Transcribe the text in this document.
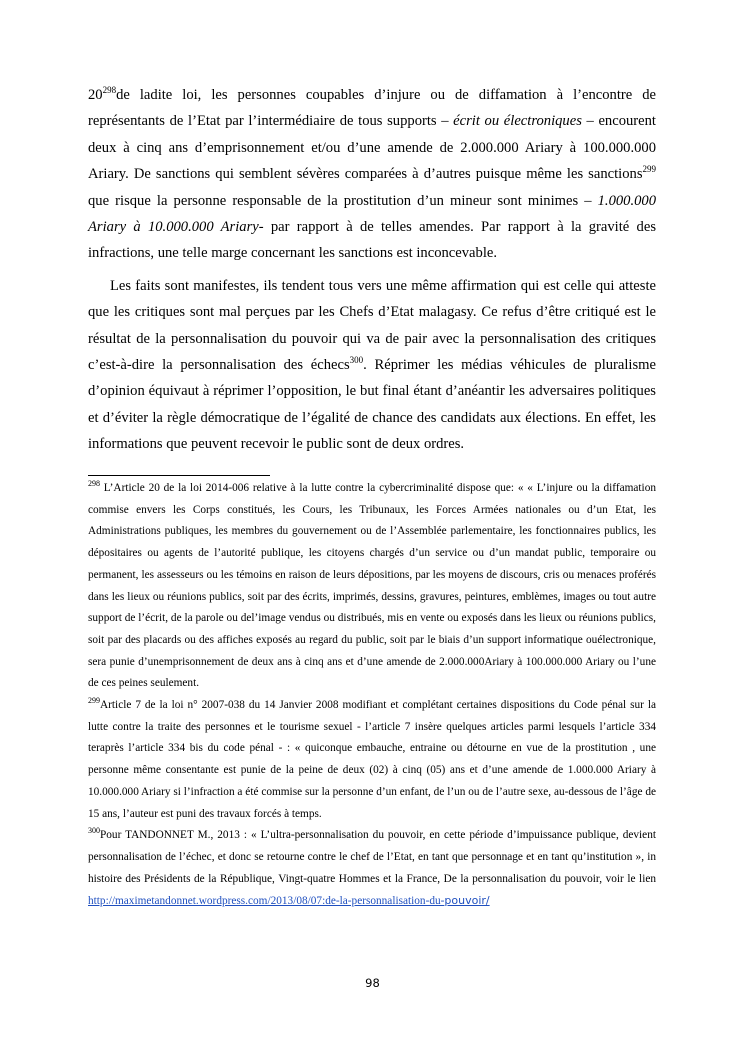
$20^{298}de$ ladite loi, les personnes coupables d’injure ou de diffamation à l’encontre de représentants de l’Etat par l’intermédiaire de tous supports – écrit ou électroniques – encourent deux à cinq ans d’emprisonnement et/ou d’une amende de 2.000.000 Ariary à 100.000.000 Ariary. De sanctions qui semblent sévères comparées à d’autres puisque même les sanctions$^{299}$ que risque la personne responsable de la prostitution d’un mineur sont minimes – 1.000.000 Ariary à 10.000.000 Ariary- par rapport à de telles amendes. Par rapport à la gravité des infractions, une telle marge concernant les sanctions est inconcevable.

Les faits sont manifestes, ils tendent tous vers une même affirmation qui est celle qui atteste que les critiques sont mal perçues par les Chefs d’Etat malagasy. Ce refus d’être critiqué est le résultat de la personnalisation du pouvoir qui va de pair avec la personnalisation des critiques c’est-à-dire la personnalisation des échecs$^{300}$. Réprimer les médias véhicules de pluralisme d’opinion équivaut à réprimer l’opposition, le but final étant d’anéantir les adversaires politiques et d’éviter la règle démocratique de l’égalité de chance des candidats aux élections. En effet, les informations que peuvent recevoir le public sont de deux ordres.

$^{298}$ L’Article 20 de la loi 2014-006 relative à la lutte contre la cybercriminalité dispose que: « « L’injure ou la diffamation commise envers les Corps constitués, les Cours, les Tribunaux, les Forces Armées nationales ou d’un Etat, les Administrations publiques, les membres du gouvernement ou de l’Assemblée parlementaire, les fonctionnaires publics, les dépositaires ou agents de l’autorité publique, les citoyens chargés d’un service ou d’un mandat public, temporaire ou permanent, les assesseurs ou les témoins en raison de leurs dépositions, par les moyens de discours, cris ou menaces proférés dans les lieux ou réunions publics, soit par des écrits, imprimés, dessins, gravures, peintures, emblèmes, images ou tout autre support de l’écrit, de la parole ou del’image vendus ou distribués, mis en vente ou exposés dans les lieux ou réunions publics, soit par des placards ou des affiches exposés au regard du public, soit par le biais d’un support informatique ouélectronique, sera punie d’unemprisonnement de deux ans à cinq ans et d’une amende de 2.000.000Ariary à 100.000.000 Ariary ou l’une de ces peines seulement.

$^{299}$Article 7 de la loi n° 2007-038 du 14 Janvier 2008 modifiant et complétant certaines dispositions du Code pénal sur la lutte contre la traite des personnes et le tourisme sexuel - l’article 7 insère quelques articles parmi lesquels l’article 334 teraprès l’article 334 bis du code pénal - : « quiconque embauche, entraine ou détourne en vue de la prostitution , une personne même consentante est punie de la peine de deux (02) à cinq (05) ans et d’une amende de 1.000.000 Ariary à 10.000.000 Ariary si l’infraction a été commise sur la personne d’un enfant, de l’un ou de l’autre sexe, au-dessous de l’âge de 15 ans, l’auteur est puni des travaux forcés à temps.

$^{300}$Pour TANDONNET M., 2013 : « L’ultra-personnalisation du pouvoir, en cette période d’impuissance publique, devient personnalisation de l’échec, et donc se retourne contre le chef de l’Etat, en tant que personnage et en tant qu’institution », in histoire des Présidents de la République, Vingt-quatre Hommes et la France, De la personnalisation du pouvoir, voir le lien http://maximetandonnet.wordpress.com/2013/08/07:de-la-personnalisation-du-pouvoir/

98
